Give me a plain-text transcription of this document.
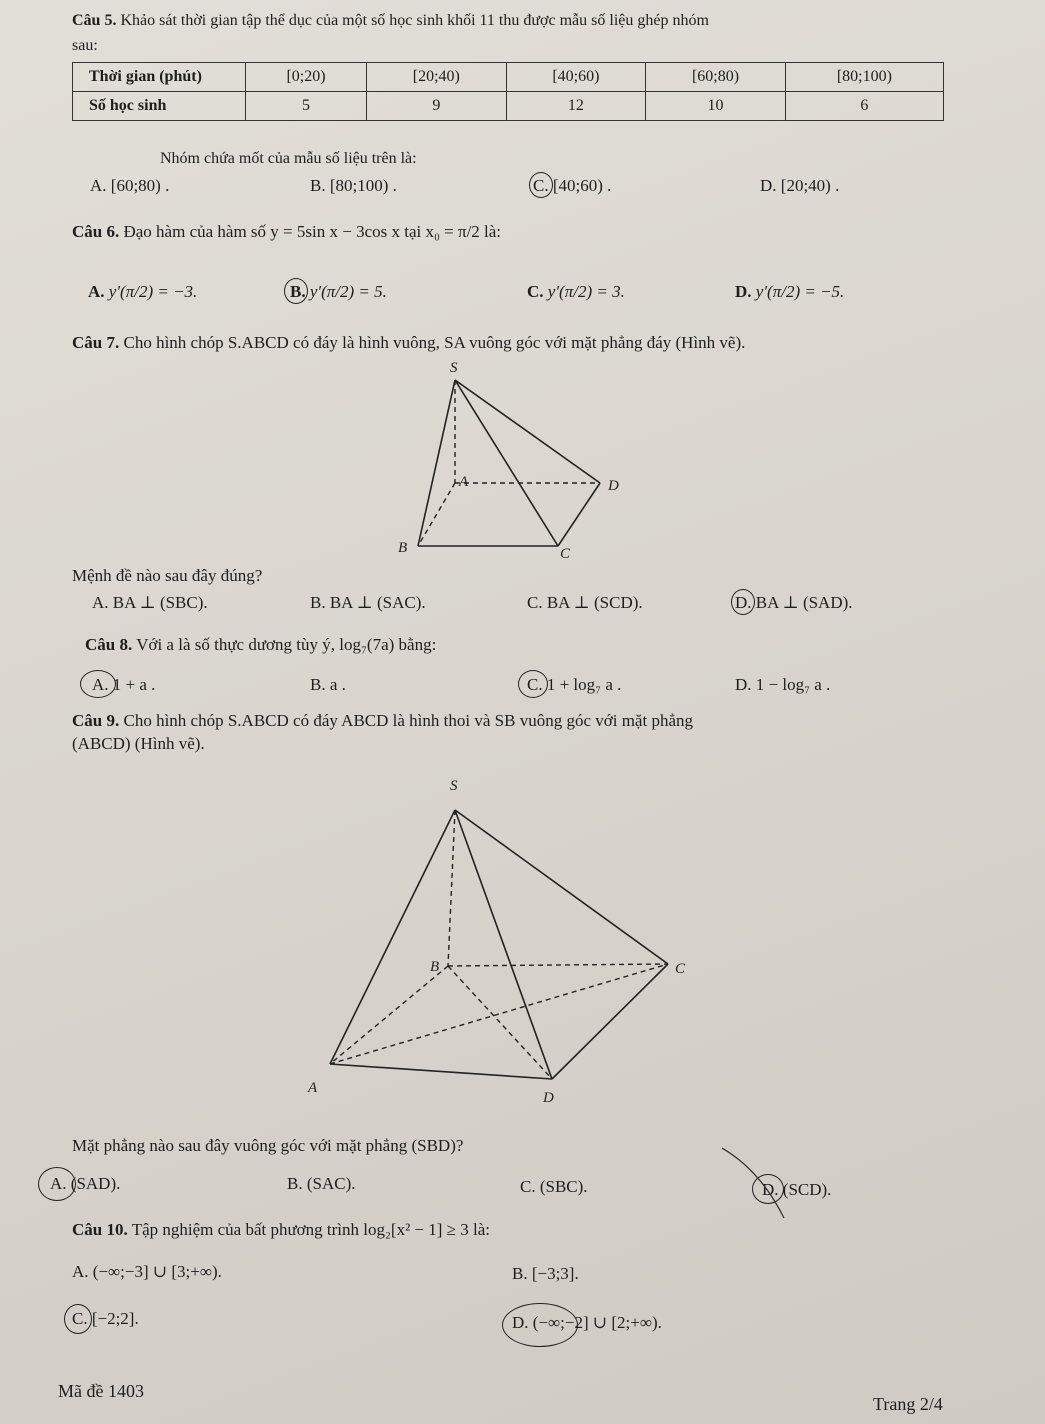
Câu 5. Khảo sát thời gian tập thể dục của một số học sinh khối 11 thu được mẫu số liệu ghép nhóm
sau:
Thời gian (phút)	[0;20)	[20;40)	[40;60)	[60;80)	[80;100)
Số học sinh	5	9	12	10	6
Nhóm chứa mốt của mẫu số liệu trên là:
A. [60;80) .	B. [80;100) .	C. [40;60) .	D. [20;40) .
Câu 6. Đạo hàm của hàm số y = 5sin x − 3cos x tại x₀ = π/2 là:
A. y′(π/2) = −3.	B. y′(π/2) = 5.	C. y′(π/2) = 3.	D. y′(π/2) = −5.
Câu 7. Cho hình chóp S.ABCD có đáy là hình vuông, SA vuông góc với mặt phẳng đáy (Hình vẽ).
S
A	D
B	C
Mệnh đề nào sau đây đúng?
A. BA ⊥ (SBC).	B. BA ⊥ (SAC).	C. BA ⊥ (SCD).	D. BA ⊥ (SAD).
Câu 8. Với a là số thực dương tùy ý, log₇(7a) bằng:
A. 1 + a .	B. a .	C. 1 + log₇ a .	D. 1 − log₇ a .
Câu 9. Cho hình chóp S.ABCD có đáy ABCD là hình thoi và SB vuông góc với mặt phẳng
(ABCD) (Hình vẽ).
S
B	C
A
D
Mặt phẳng nào sau đây vuông góc với mặt phẳng (SBD)?
A. (SAD).	B. (SAC).	C. (SBC).	D. (SCD).
Câu 10. Tập nghiệm của bất phương trình log₂[x² − 1] ≥ 3 là:
A. (−∞;−3] ∪ [3;+∞).	B. [−3;3].
C. [−2;2].	D. (−∞;−2] ∪ [2;+∞).
Mã đề 1403
Trang 2/4
